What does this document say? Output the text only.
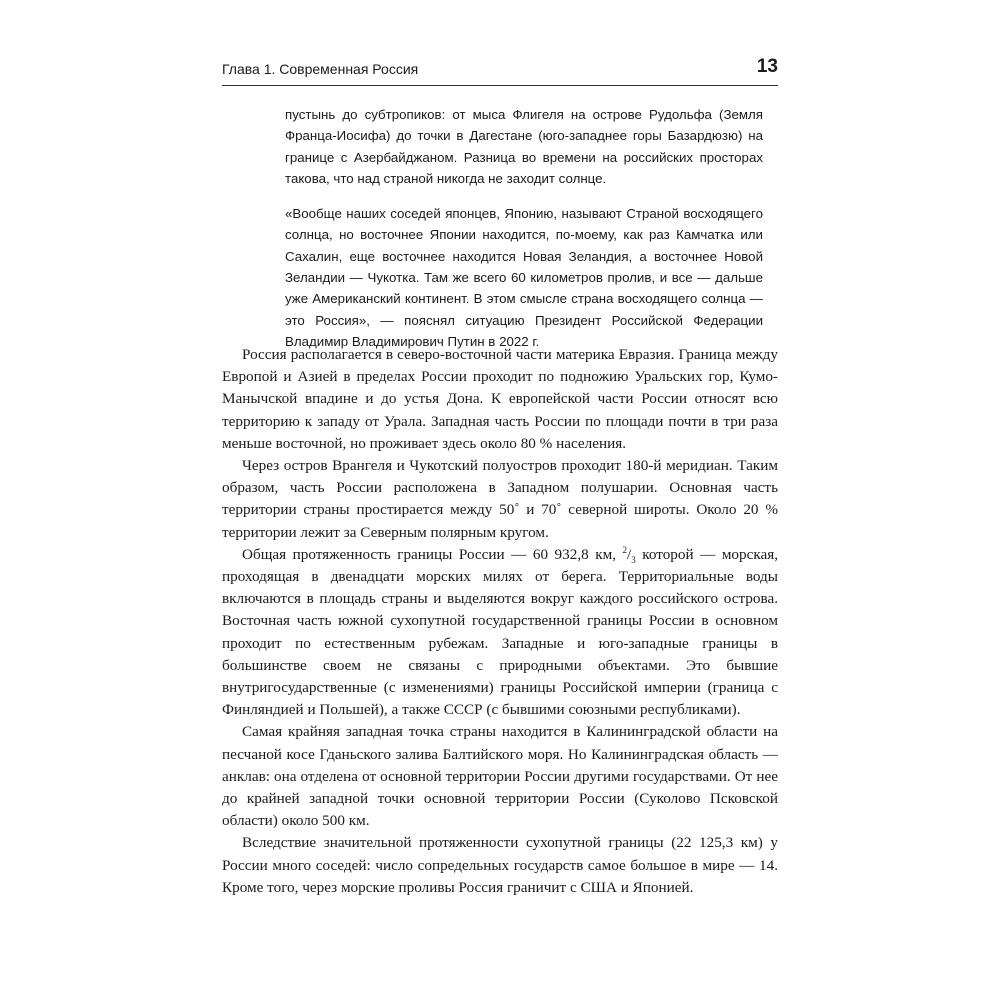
Глава 1. Современная Россия	13

пустынь до субтропиков: от мыса Флигеля на острове Рудольфа (Земля Франца-Иосифа) до точки в Дагестане (юго-западнее горы Базардюзю) на границе с Азербайджаном. Разница во времени на российских просторах такова, что над страной никогда не заходит солнце.

«Вообще наших соседей японцев, Японию, называют Страной восходящего солнца, но восточнее Японии находится, по-моему, как раз Камчатка или Сахалин, еще восточнее находится Новая Зеландия, а восточнее Новой Зеландии — Чукотка. Там же всего 60 километров пролив, и все — дальше уже Американский континент. В этом смысле страна восходящего солнца — это Россия», — пояснял ситуацию Президент Российской Федерации Владимир Владимирович Путин в 2022 г.

Россия располагается в северо-восточной части материка Евразия. Граница между Европой и Азией в пределах России проходит по подножию Уральских гор, Кумо-Манычской впадине и до устья Дона. К европейской части России относят всю территорию к западу от Урала. Западная часть России по площади почти в три раза меньше восточной, но проживает здесь около 80 % населения.

Через остров Врангеля и Чукотский полуостров проходит 180-й меридиан. Таким образом, часть России расположена в Западном полушарии. Основная часть территории страны простирается между 50˚ и 70˚ северной широты. Около 20 % территории лежит за Северным полярным кругом.

Общая протяженность границы России — 60 932,8 км, $^2/_3$ которой — морская, проходящая в двенадцати морских милях от берега. Территориальные воды включаются в площадь страны и выделяются вокруг каждого российского острова. Восточная часть южной сухопутной государственной границы России в основном проходит по естественным рубежам. Западные и юго-западные границы в большинстве своем не связаны с природными объектами. Это бывшие внутригосударственные (с изменениями) границы Российской империи (граница с Финляндией и Польшей), а также СССР (с бывшими союзными республиками).

Самая крайняя западная точка страны находится в Калининградской области на песчаной косе Гданьского залива Балтийского моря. Но Калининградская область — анклав: она отделена от основной территории России другими государствами. От нее до крайней западной точки основной территории России (Суколово Псковской области) около 500 км.

Вследствие значительной протяженности сухопутной границы (22 125,3 км) у России много соседей: число сопредельных государств самое большое в мире — 14. Кроме того, через морские проливы Россия граничит с США и Японией.
